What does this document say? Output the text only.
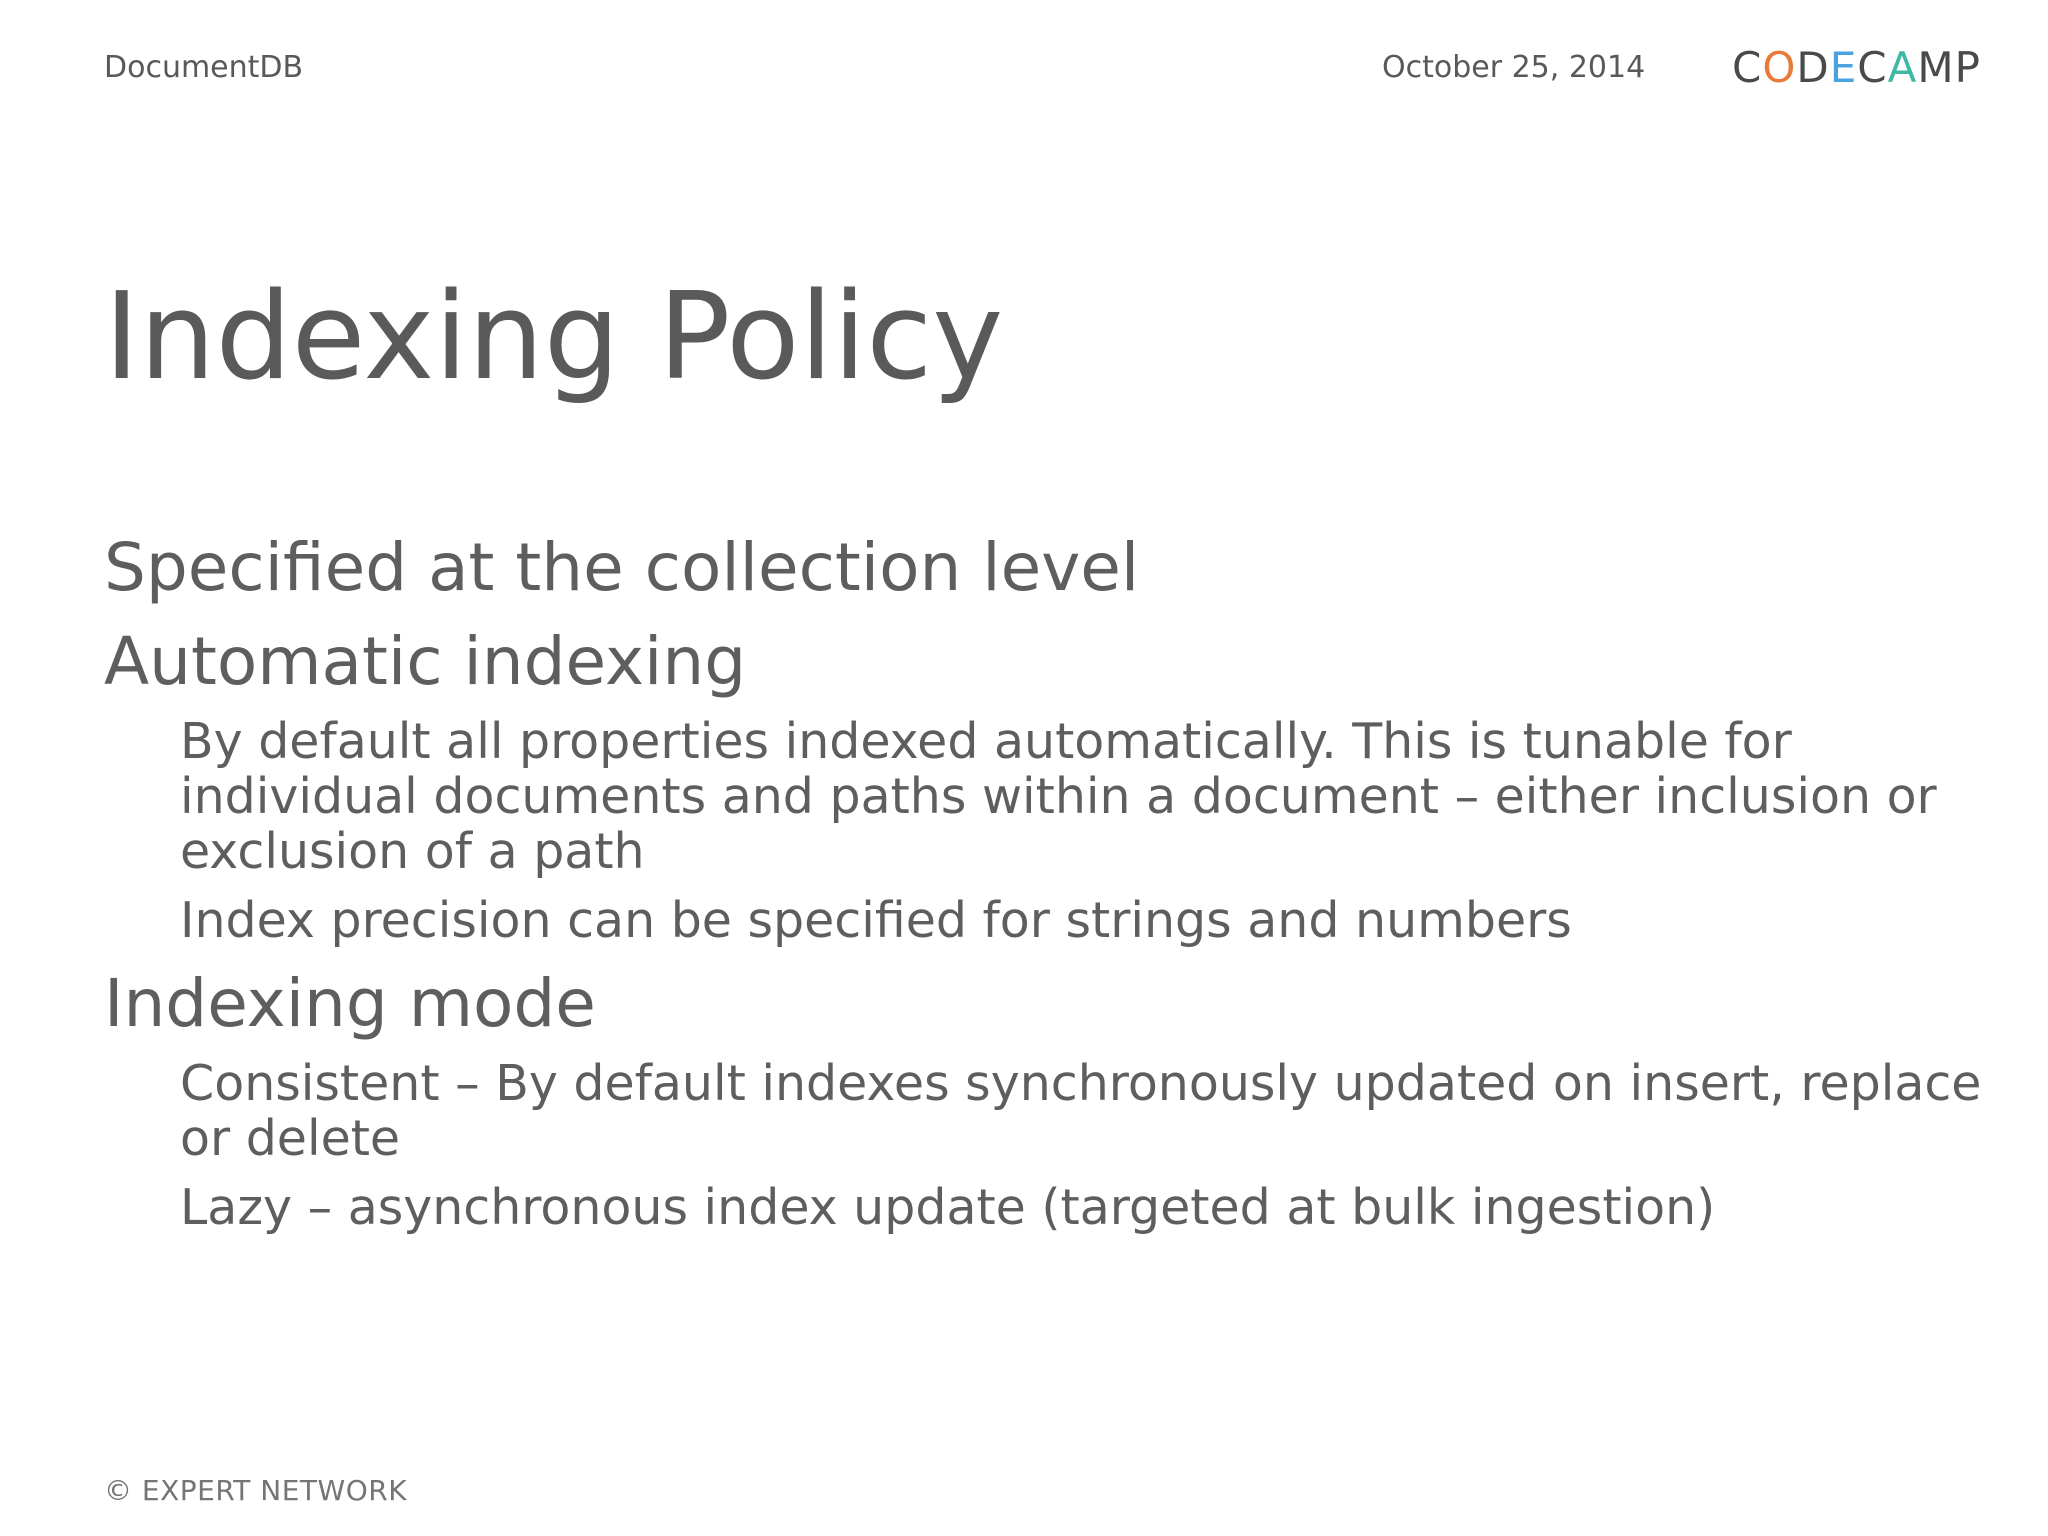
DocumentDB	October 25, 2014 C O D E C A M P
Indexing Policy
Specified at the collection level
Automatic indexing
By default all properties indexed automatically. This is tunable for individual documents and paths within a document – either inclusion or exclusion of a path
Index precision can be specified for strings and numbers
Indexing mode
Consistent – By default indexes synchronously updated on insert, replace or delete
Lazy – asynchronous index update (targeted at bulk ingestion)
© EXPERT NETWORK
